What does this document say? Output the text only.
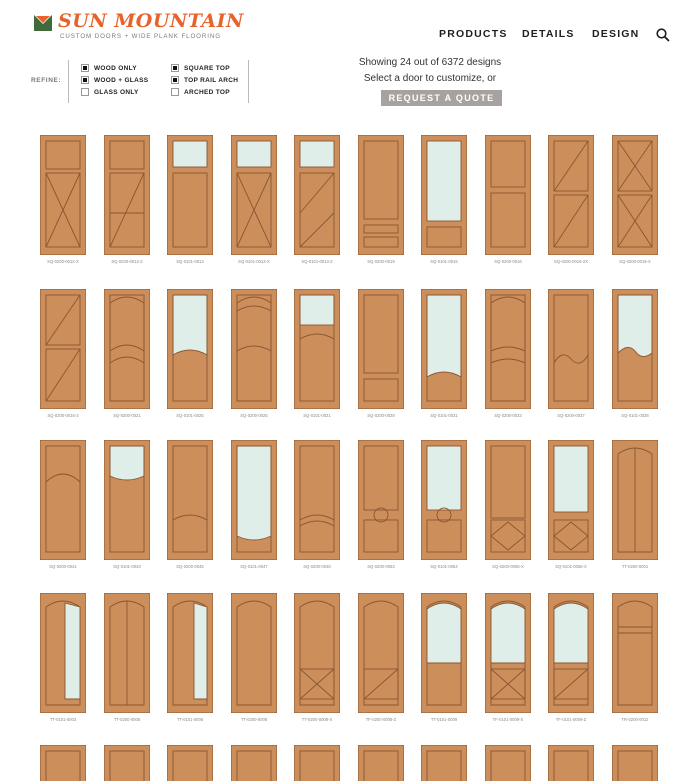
SUN MOUNTAIN
CUSTOM DOORS + WIDE PLANK FLOORING	PRODUCTS DETAILS DESIGN
REFINE:
WOOD ONLY
WOOD + GLASS
GLASS ONLY
SQUARE TOP
TOP RAIL ARCH
ARCHED TOP
Showing 24 out of 6372 designs
Select a door to customize, or
REQUEST A QUOTE
SQ-0200-0012-X	SQ-0200-0012-2	SQ-0101-0013	SQ-0101-0013-X	SQ-0101-0013-2	SQ-0200-0019	SQ-0101-0015	SQ-0200-0016	SQ-0200-0016-2X	SQ-0200-0016-X
SQ-0200-0016-2	SQ-0200-0021	SQ-0101-0025	SQ-0200-0025	SQ-0101-0021	SQ-0200-0028	SQ-0101-0031	SQ-0200-0033	SQ-0200-0037	SQ-0101-0038
SQ-0200-0041	SQ-0101-0043	SQ-0200-0045	SQ-0101-0047	SQ-0200-0048	SQ-0200-0053	SQ-0101-0054	SQ-0200-0055-X	SQ-0101-0056-X	TT-0200-0001
TT-0101-0003	TT-0200-0005	TT-0101-0006	TT-0200-0008	TT-0200-0008-X	TF-0200-0008-Z	TT-0101-0009	TF-0101-0009-X	TF-0101-0009-Z	TR-0200-0012
